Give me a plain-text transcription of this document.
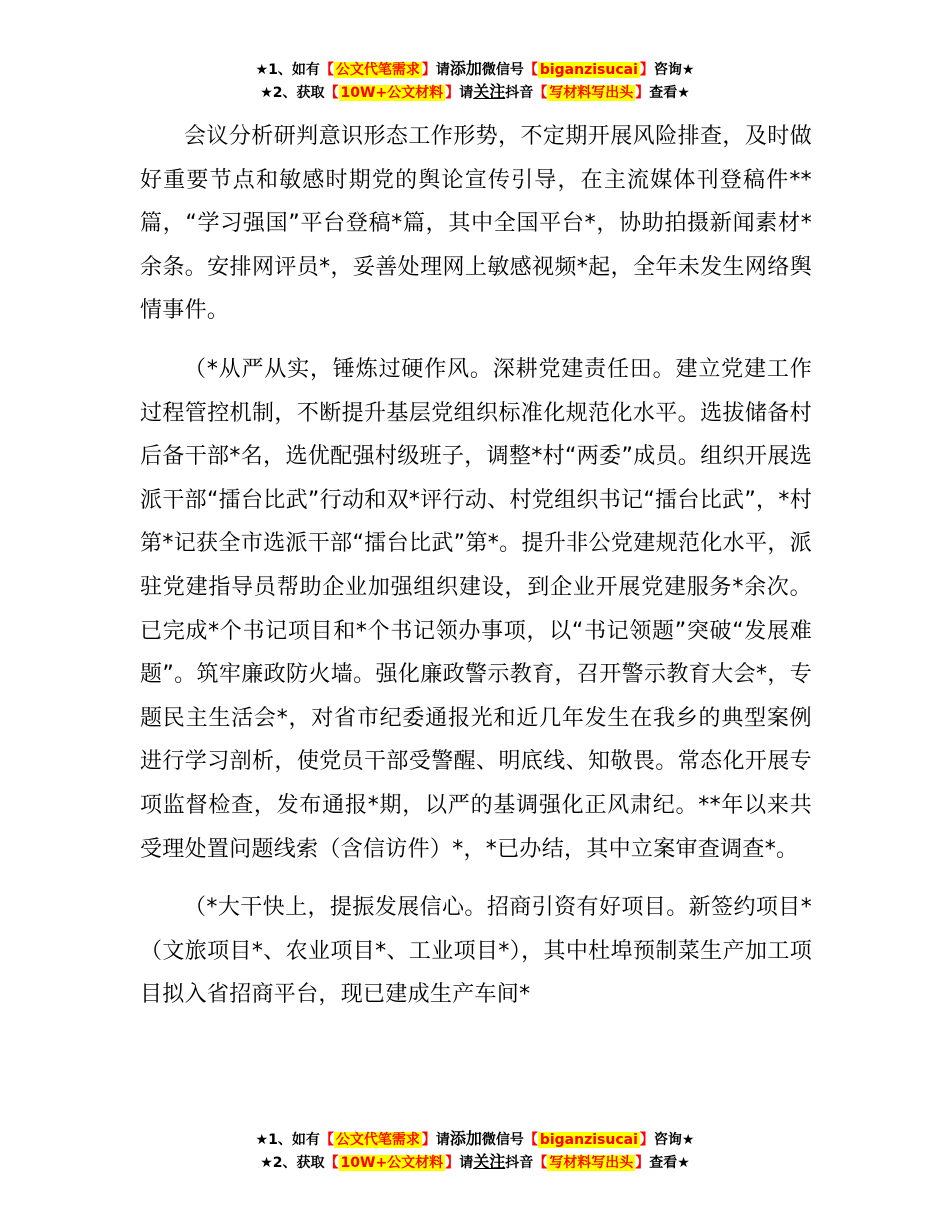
★1、如有【 公文代笔需求 】请添加微信号【 biganzisucai 】咨询★
★2、获取【 10W+公文材料 】请关注抖音【 写材料写出头 】查看★

会议分析研判意识形态工作形势，不定期开展风险排查，及时做好重要节点和敏感时期党的舆论宣传引导，在主流媒体刊登稿件**篇，“学习强国”平台登稿*篇，其中全国平台*，协助拍摄新闻素材*余条。安排网评员*，妥善处理网上敏感视频*起，全年未发生网络舆情事件。

（*从严从实，锤炼过硬作风。深耕党建责任田。建立党建工作过程管控机制，不断提升基层党组织标准化规范化水平。选拔储备村后备干部*名，选优配强村级班子，调整*村“两委”成员。组织开展选派干部“擂台比武”行动和双*评行动、村党组织书记“擂台比武”，*村第*记获全市选派干部“擂台比武”第*。提升非公党建规范化水平，派驻党建指导员帮助企业加强组织建设，到企业开展党建服务*余次。已完成*个书记项目和*个书记领办事项，以“书记领题”突破“发展难题”。筑牢廉政防火墙。强化廉政警示教育，召开警示教育大会*，专题民主生活会*，对省市纪委通报光和近几年发生在我乡的典型案例进行学习剖析，使党员干部受警醒、明底线、知敬畏。常态化开展专项监督检查，发布通报*期，以严的基调强化正风肃纪。**年以来共受理处置问题线索（含信访件）*，*已办结，其中立案审查调查*。

（*大干快上，提振发展信心。招商引资有好项目。新签约项目*（文旅项目*、农业项目*、工业项目*），其中杜埠预制菜生产加工项目拟入省招商平台，现已建成生产车间*

★1、如有【 公文代笔需求 】请添加微信号【 biganzisucai 】咨询★
★2、获取【 10W+公文材料 】请关注抖音【 写材料写出头 】查看★
